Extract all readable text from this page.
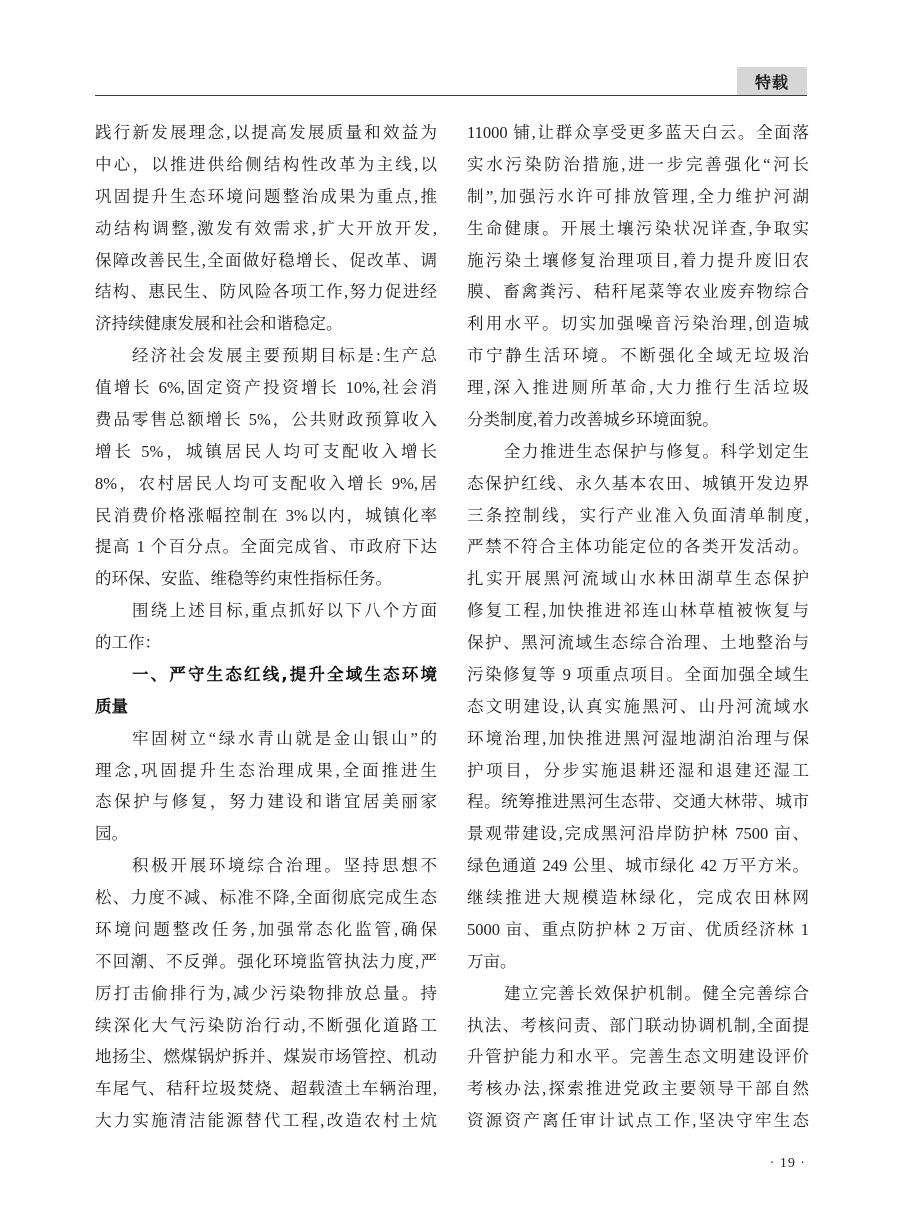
特载
践行新发展理念,以提高发展质量和效益为
中心，以推进供给侧结构性改革为主线,以
巩固提升生态环境问题整治成果为重点,推
动结构调整,激发有效需求,扩大开放开发,
保障改善民生,全面做好稳增长、促改革、调
结构、惠民生、防风险各项工作,努力促进经
济持续健康发展和社会和谐稳定。
经济社会发展主要预期目标是:生产总
值增长 6%,固定资产投资增长 10%,社会消
费品零售总额增长 5%，公共财政预算收入
增长 5%，城镇居民人均可支配收入增长
8%，农村居民人均可支配收入增长 9%,居
民消费价格涨幅控制在 3%以内，城镇化率
提高 1 个百分点。全面完成省、市政府下达
的环保、安监、维稳等约束性指标任务。
围绕上述目标,重点抓好以下八个方面
的工作：
一、严守生态红线,提升全域生态环境
质量
牢固树立“绿水青山就是金山银山”的
理念,巩固提升生态治理成果,全面推进生
态保护与修复，努力建设和谐宜居美丽家
园。
积极开展环境综合治理。坚持思想不
松、力度不减、标准不降,全面彻底完成生态
环境问题整改任务,加强常态化监管,确保
不回潮、不反弹。强化环境监管执法力度,严
厉打击偷排行为,减少污染物排放总量。持
续深化大气污染防治行动,不断强化道路工
地扬尘、燃煤锅炉拆并、煤炭市场管控、机动
车尾气、秸秆垃圾焚烧、超载渣土车辆治理,
大力实施清洁能源替代工程,改造农村土炕
11000 铺,让群众享受更多蓝天白云。全面落
实水污染防治措施,进一步完善强化“河长
制”,加强污水许可排放管理,全力维护河湖
生命健康。开展土壤污染状况详查,争取实
施污染土壤修复治理项目,着力提升废旧农
膜、畜禽粪污、秸秆尾菜等农业废弃物综合
利用水平。切实加强噪音污染治理,创造城
市宁静生活环境。不断强化全域无垃圾治
理,深入推进厕所革命,大力推行生活垃圾
分类制度,着力改善城乡环境面貌。
全力推进生态保护与修复。科学划定生
态保护红线、永久基本农田、城镇开发边界
三条控制线，实行产业准入负面清单制度,
严禁不符合主体功能定位的各类开发活动。
扎实开展黑河流域山水林田湖草生态保护
修复工程,加快推进祁连山林草植被恢复与
保护、黑河流域生态综合治理、土地整治与
污染修复等 9 项重点项目。全面加强全域生
态文明建设,认真实施黑河、山丹河流域水
环境治理,加快推进黑河湿地湖泊治理与保
护项目，分步实施退耕还湿和退建还湿工
程。统筹推进黑河生态带、交通大林带、城市
景观带建设,完成黑河沿岸防护林 7500 亩、
绿色通道 249 公里、城市绿化 42 万平方米。
继续推进大规模造林绿化，完成农田林网
5000 亩、重点防护林 2 万亩、优质经济林 1
万亩。
建立完善长效保护机制。健全完善综合
执法、考核问责、部门联动协调机制,全面提
升管护能力和水平。完善生态文明建设评价
考核办法,探索推进党政主要领导干部自然
资源资产离任审计试点工作,坚决守牢生态
· 19 ·
